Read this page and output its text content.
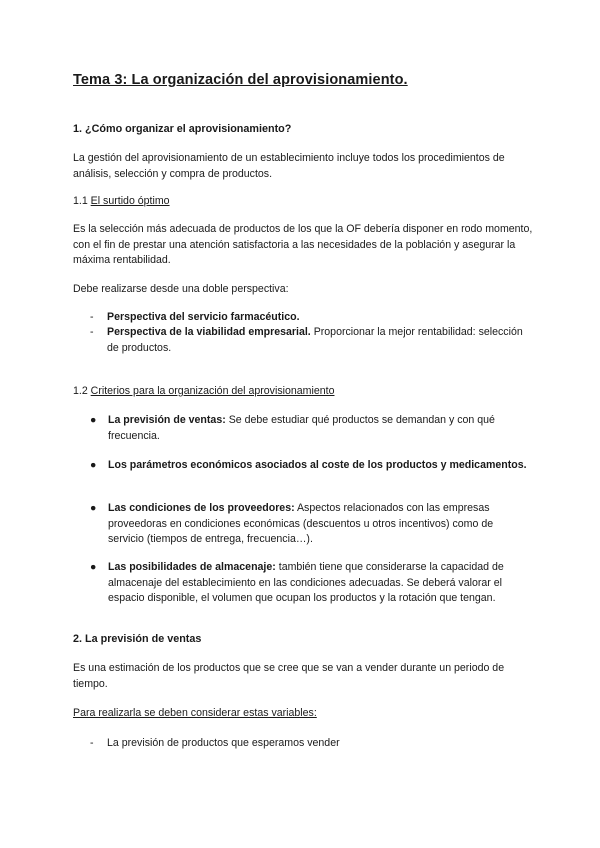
Tema 3: La organización del aprovisionamiento.

1. ¿Cómo organizar el aprovisionamiento?

La gestión del aprovisionamiento de un establecimiento incluye todos los procedimientos de análisis, selección y compra de productos.

1.1 El surtido óptimo

Es la selección más adecuada de productos de los que la OF debería disponer en rodo momento, con el fin de prestar una atención satisfactoria a las necesidades de la población y asegurar la máxima rentabilidad.

Debe realizarse desde una doble perspectiva:

- Perspectiva del servicio farmacéutico.
- Perspectiva de la viabilidad empresarial. Proporcionar la mejor rentabilidad: selección de productos.

1.2 Criterios para la organización del aprovisionamiento

●	La previsión de ventas: Se debe estudiar qué productos se demandan y con qué frecuencia.
●	Los parámetros económicos asociados al coste de los productos y medicamentos.
●	Las condiciones de los proveedores: Aspectos relacionados con las empresas proveedoras en condiciones económicas (descuentos u otros incentivos) como de servicio (tiempos de entrega, frecuencia…).
●	Las posibilidades de almacenaje: también tiene que considerarse la capacidad de almacenaje del establecimiento en las condiciones adecuadas. Se deberá valorar el espacio disponible, el volumen que ocupan los productos y la rotación que tengan.

2. La previsión de ventas

Es una estimación de los productos que se cree que se van a vender durante un periodo de tiempo.

Para realizarla se deben considerar estas variables:

- La previsión de productos que esperamos vender
